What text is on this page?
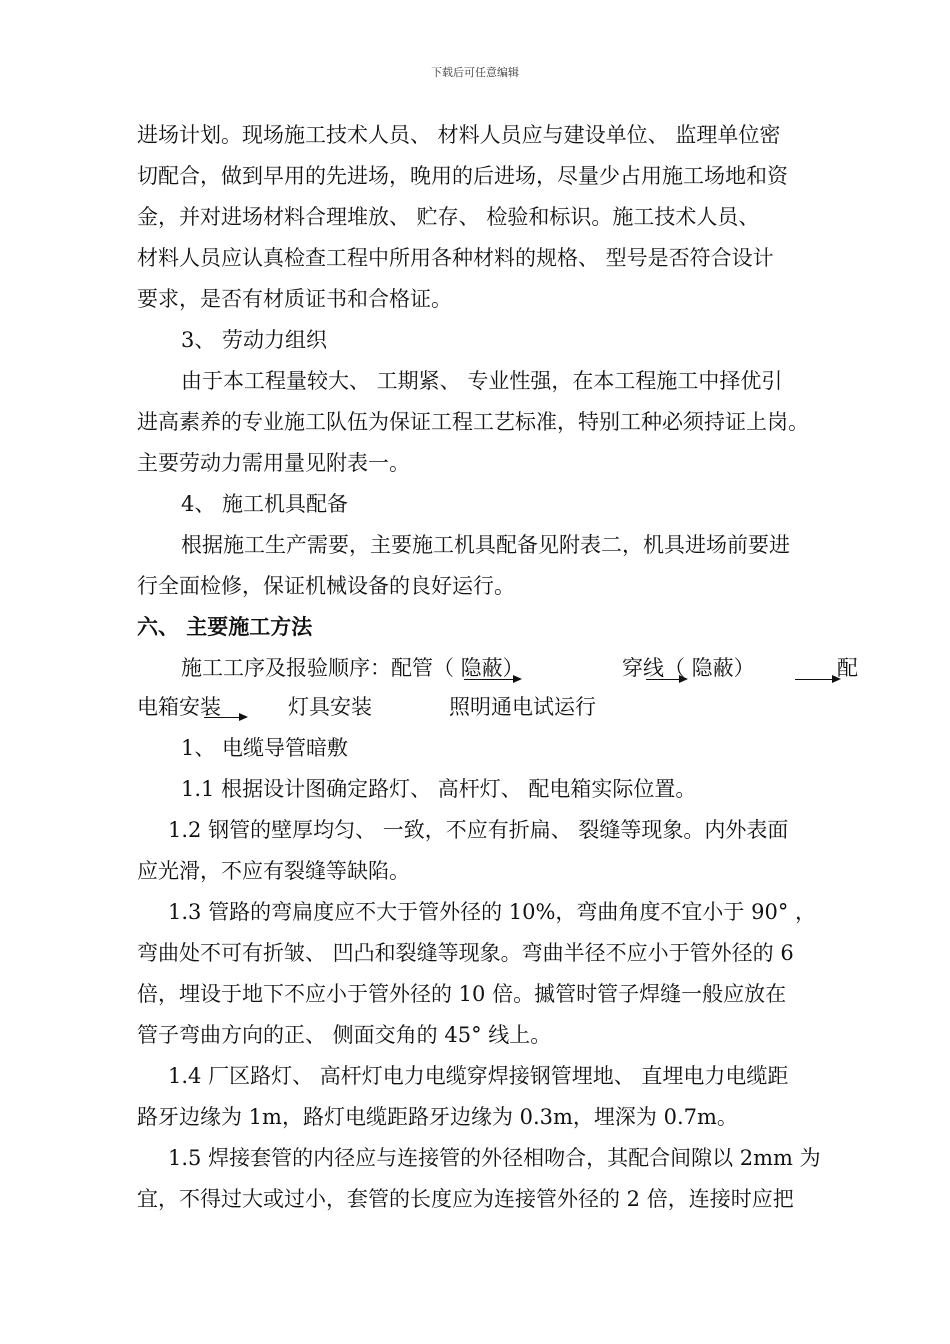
下载后可任意编辑
进场计划。现场施工技术人员、 材料人员应与建设单位、 监理单位密
切配合，做到早用的先进场，晚用的后进场，尽量少占用施工场地和资
金，并对进场材料合理堆放、 贮存、 检验和标识。施工技术人员、
材料人员应认真检查工程中所用各种材料的规格、 型号是否符合设计
要求，是否有材质证书和合格证。
3、 劳动力组织
由于本工程量较大、 工期紧、 专业性强，在本工程施工中择优引
进高素养的专业施工队伍为保证工程工艺标准，特别工种必须持证上岗。
主要劳动力需用量见附表一。
4、 施工机具配备
根据施工生产需要，主要施工机具配备见附表二，机具进场前要进
行全面检修，保证机械设备的良好运行。
六、 主要施工方法
施工工序及报验顺序： 配管（ 隐蔽）	穿线（ 隐蔽）	配
电箱安装	灯具安装	照明通电试运行
1、 电缆导管暗敷
1.1 根据设计图确定路灯、 高杆灯、 配电箱实际位置。
1.2 钢管的壁厚均匀、 一致，不应有折扁、 裂缝等现象。内外表面
应光滑，不应有裂缝等缺陷。
1.3 管路的弯扁度应不大于管外径的 10%，弯曲角度不宜小于 90° ，
弯曲处不可有折皱、 凹凸和裂缝等现象。弯曲半径不应小于管外径的 6
倍，埋设于地下不应小于管外径的 10 倍。摵管时管子焊缝一般应放在
管子弯曲方向的正、 侧面交角的 45° 线上。
1.4 厂区路灯、 高杆灯电力电缆穿焊接钢管埋地、 直埋电力电缆距
路牙边缘为 1m，路灯电缆距路牙边缘为 0.3m，埋深为 0.7m。
1.5 焊接套管的内径应与连接管的外径相吻合，其配合间隙以 2mm 为
宜，不得过大或过小，套管的长度应为连接管外径的 2 倍，连接时应把
